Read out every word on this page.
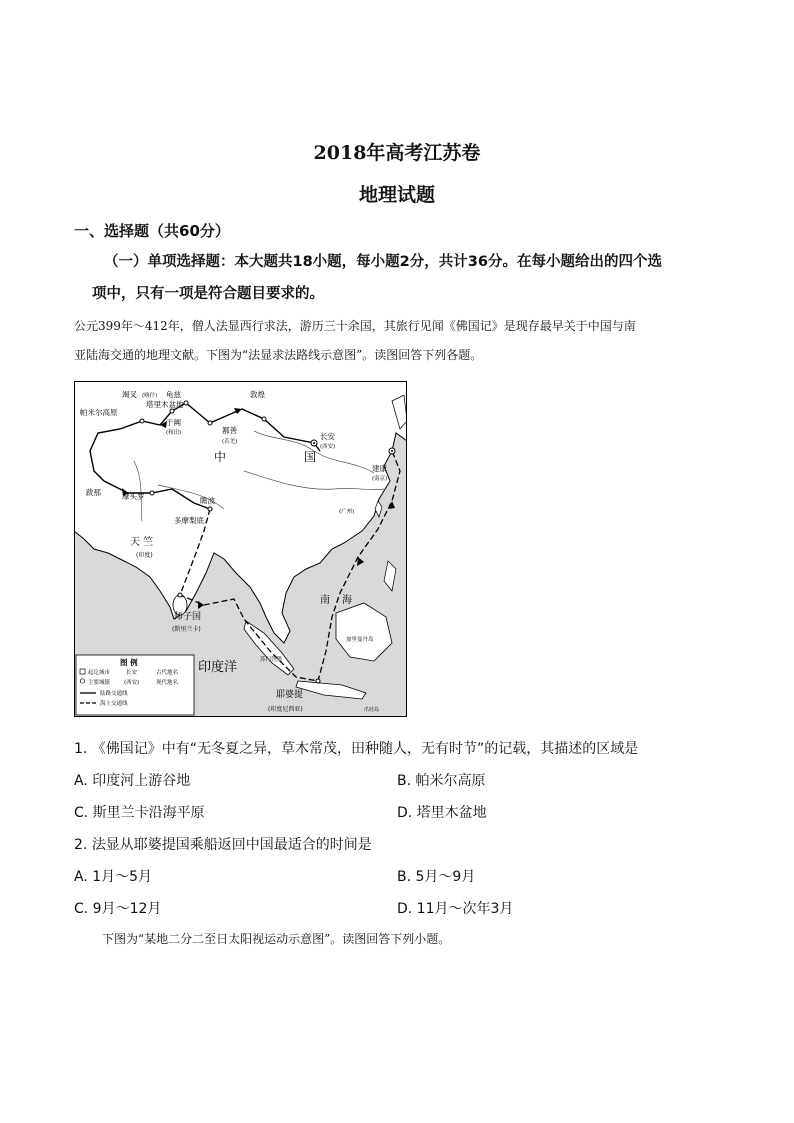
2018年高考江苏卷
地理试题
一、选择题（共60分）
（一）单项选择题：本大题共18小题，每小题2分，共计36分。在每小题给出的四个选
项中，只有一项是符合题目要求的。
公元399年～412年，僧人法显西行求法，游历三十余国，其旅行见闻《佛国记》是现存最早关于中国与南
亚陆海交通的地理文献。下图为“法显求法路线示意图”。读图回答下列各题。
敦煌
鄯善
(若羌)
龟兹
塔里木盆地
于阗
(和田)
竭叉 (喀什)
帕米尔高原
长安
(西安)
建康
(南京)
(广州)
中	国
跋那	摩头罗	瞻波
多摩梨底
天 竺
(印度)
师子国
(斯里兰卡)
南 海
加里曼丹岛
苏门答腊
印度洋
耶婆提
(印度尼西亚)	爪哇岛
图 例
起讫城市	长安	古代地名
主要城镇	(西安)	现代地名
陆路交通线
海上交通线
1. 《佛国记》中有“无冬夏之异，草木常茂，田种随人，无有时节”的记载，其描述的区域是
A. 印度河上游谷地	B. 帕米尔高原
C. 斯里兰卡沿海平原	D. 塔里木盆地
2. 法显从耶婆提国乘船返回中国最适合的时间是
A. 1月～5月	B. 5月～9月
C. 9月～12月	D. 11月～次年3月
下图为“某地二分二至日太阳视运动示意图”。读图回答下列小题。
